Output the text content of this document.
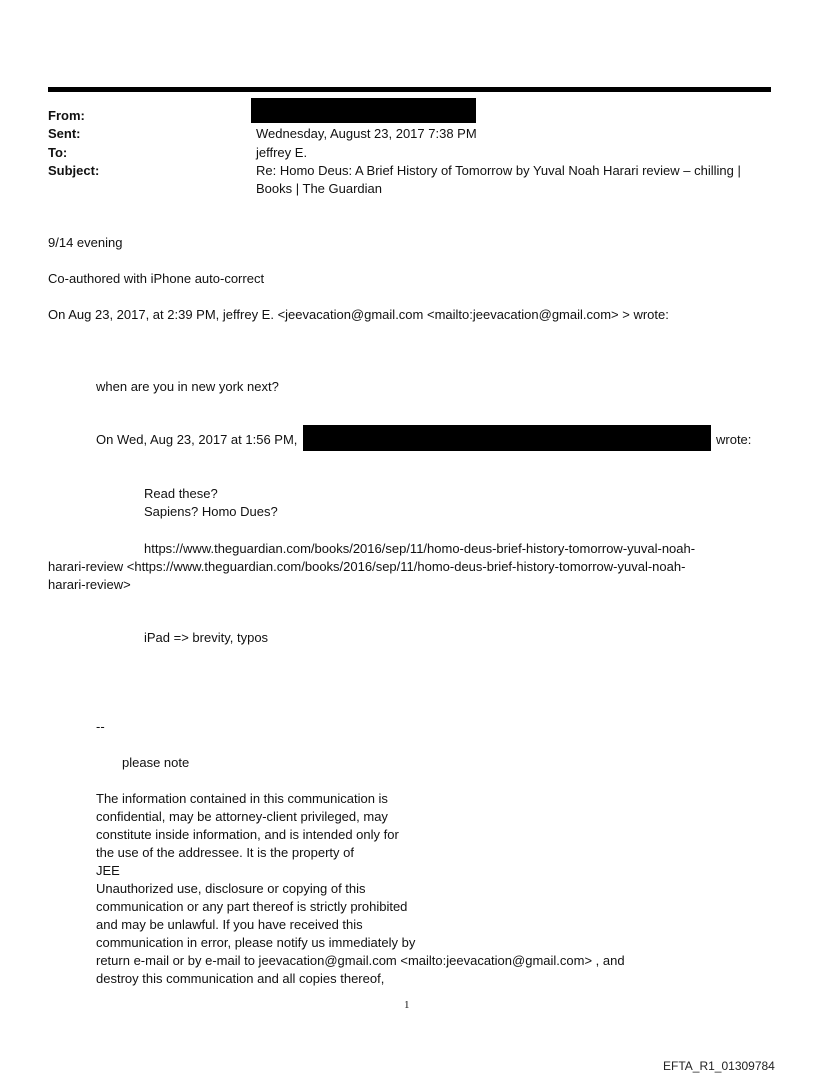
From:
Sent:	Wednesday, August 23, 2017 7:38 PM
To:	jeffrey E.
Subject:	Re: Homo Deus: A Brief History of Tomorrow by Yuval Noah Harari review – chilling |
Books | The Guardian
9/14 evening
Co-authored with iPhone auto-correct
On Aug 23, 2017, at 2:39 PM, jeffrey E. <jeevacation@gmail.com <mailto:jeevacation@gmail.com> > wrote:
when are you in new york next?
On Wed, Aug 23, 2017 at 1:56 PM,	wrote:
Read these?
Sapiens? Homo Dues?
https://www.theguardian.com/books/2016/sep/11/homo-deus-brief-history-tomorrow-yuval-noah-
harari-review <https://www.theguardian.com/books/2016/sep/11/homo-deus-brief-history-tomorrow-yuval-noah-
harari-review>
iPad => brevity, typos
--
please note
The information contained in this communication is
confidential, may be attorney-client privileged, may
constitute inside information, and is intended only for
the use of the addressee. It is the property of
JEE
Unauthorized use, disclosure or copying of this
communication or any part thereof is strictly prohibited
and may be unlawful. If you have received this
communication in error, please notify us immediately by
return e-mail or by e-mail to jeevacation@gmail.com <mailto:jeevacation@gmail.com> , and
destroy this communication and all copies thereof,
1
EFTA_R1_01309784
